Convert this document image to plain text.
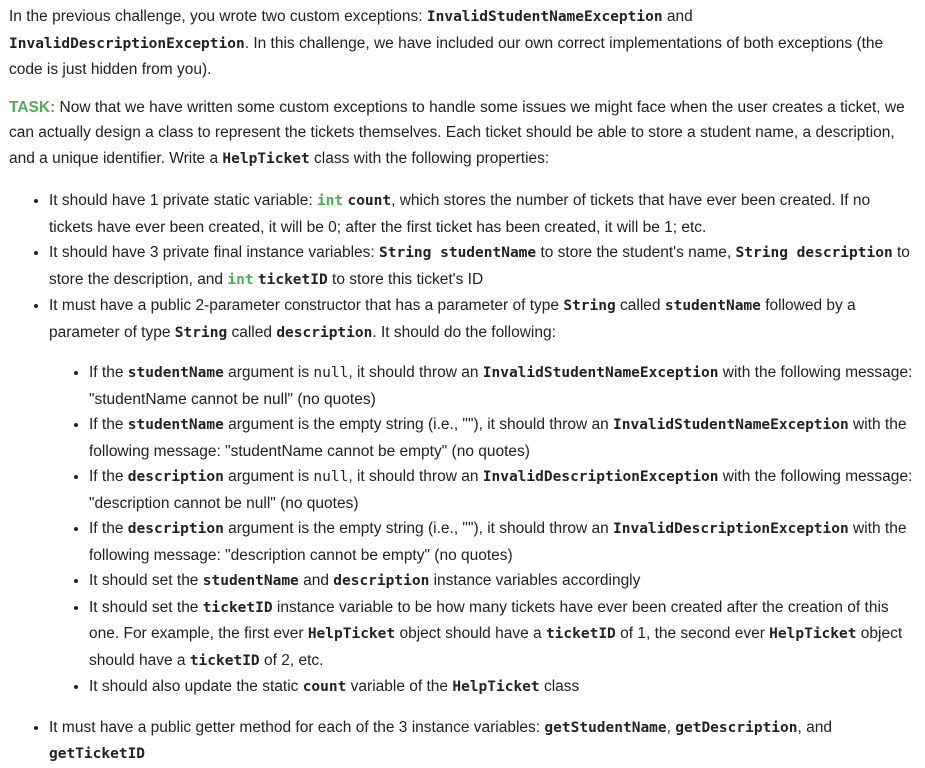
In the previous challenge, you wrote two custom exceptions: InvalidStudentNameException and InvalidDescriptionException. In this challenge, we have included our own correct implementations of both exceptions (the code is just hidden from you).

TASK: Now that we have written some custom exceptions to handle some issues we might face when the user creates a ticket, we can actually design a class to represent the tickets themselves. Each ticket should be able to store a student name, a description, and a unique identifier. Write a HelpTicket class with the following properties:

• It should have 1 private static variable: int count, which stores the number of tickets that have ever been created. If no tickets have ever been created, it will be 0; after the first ticket has been created, it will be 1; etc.
• It should have 3 private final instance variables: String studentName to store the student's name, String description to store the description, and int ticketID to store this ticket's ID
• It must have a public 2-parameter constructor that has a parameter of type String called studentName followed by a parameter of type String called description. It should do the following:
• If the studentName argument is null, it should throw an InvalidStudentNameException with the following message: "studentName cannot be null" (no quotes)
• If the studentName argument is the empty string (i.e., ""), it should throw an InvalidStudentNameException with the following message: "studentName cannot be empty" (no quotes)
• If the description argument is null, it should throw an InvalidDescriptionException with the following message: "description cannot be null" (no quotes)
• If the description argument is the empty string (i.e., ""), it should throw an InvalidDescriptionException with the following message: "description cannot be empty" (no quotes)
• It should set the studentName and description instance variables accordingly
• It should set the ticketID instance variable to be how many tickets have ever been created after the creation of this one. For example, the first ever HelpTicket object should have a ticketID of 1, the second ever HelpTicket object should have a ticketID of 2, etc.
• It should also update the static count variable of the HelpTicket class
• It must have a public getter method for each of the 3 instance variables: getStudentName, getDescription, and getTicketID
